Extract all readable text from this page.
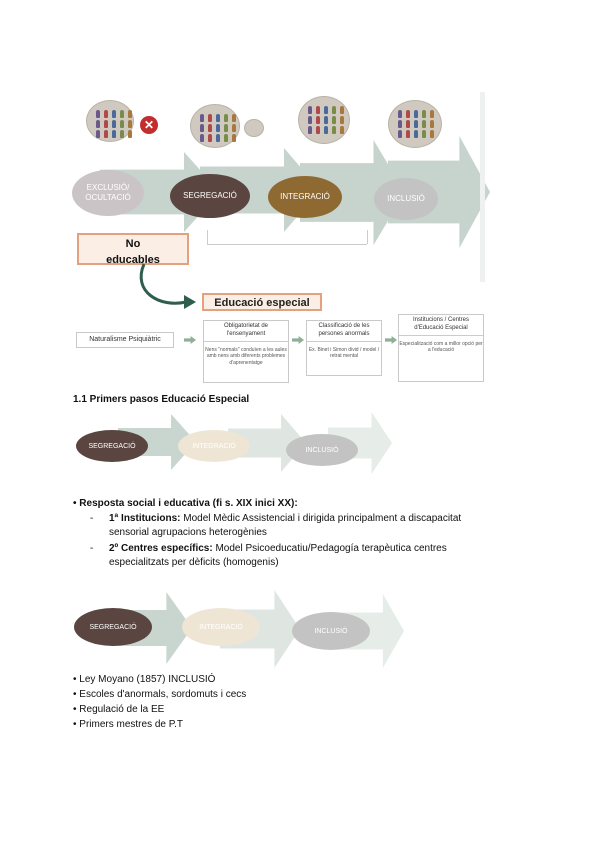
✕
EXCLUSIÓ/ OCULTACIÓ	SEGREGACIÓ	INTEGRACIÓ	INCLUSIÓ
No educables
Educació especial
Naturalisme Psiquiàtric
Obligatorietat de l'ensenyament
Nens "normals" conduïen a les aules amb nens amb diferents problemes d'aprenentatge
Classificació de les persones anormals
Ex. Binet i Simon divid / model / retrat mental
Institucions / Centres d'Educació Especial
Especialització com a millor opció per a l'educació
1.1 Primers pasos Educació Especial
SEGREGACIÓ	INTEGRACIÓ
INCLUSIÓ
• Resposta social i educativa (fi s. XIX inici XX):
- 1ª Institucions: Model Mèdic Assistencial i dirigida principalment a discapacitat
sensorial agrupacions heterogènies
- 2º Centres específics: Model Psicoeducatiu/Pedagogía terapèutica centres
especialitzats per dèficits (homogenis)
SEGREGACIÓ	INTEGRACIÓ
INCLUSIÓ
• Ley Moyano (1857) INCLUSIÓ
• Escoles d'anormals, sordomuts i cecs
• Regulació de la EE
• Primers mestres de P.T
